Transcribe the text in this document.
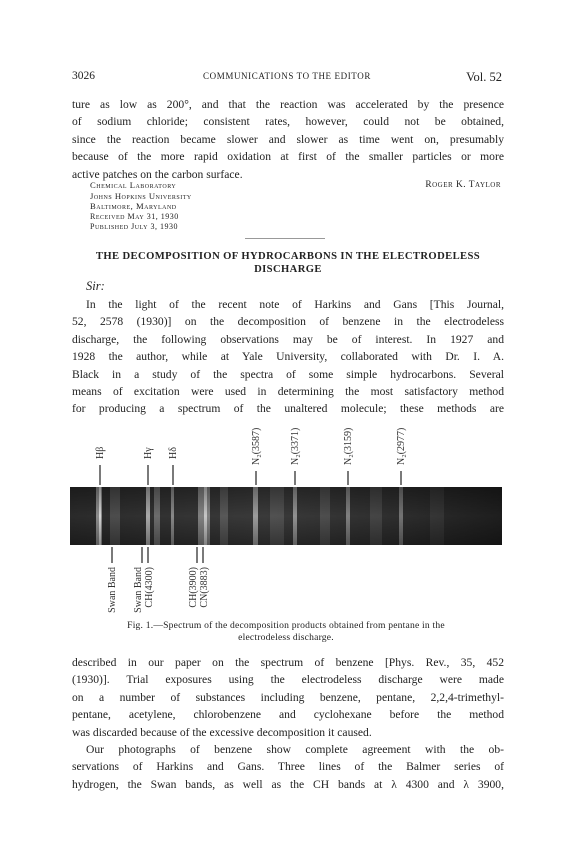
3026	COMMUNICATIONS TO THE EDITOR	Vol. 52
ture as low as 200°, and that the reaction was accelerated by the presence
of sodium chloride; consistent rates, however, could not be obtained,
since the reaction became slower and slower as time went on, presumably
because of the more rapid oxidation at first of the smaller particles or more
active patches on the carbon surface.
Chemical Laboratory
Johns Hopkins University
Baltimore, Maryland
Received May 31, 1930
Published July 3, 1930
Roger K. Taylor
THE DECOMPOSITION OF HYDROCARBONS IN THE ELECTRODELESS
DISCHARGE
Sir:
In the light of the recent note of Harkins and Gans [This Journal,
52, 2578 (1930)] on the decomposition of benzene in the electrodeless
discharge, the following observations may be of interest. In 1927 and
1928 the author, while at Yale University, collaborated with Dr. I. A.
Black in a study of the spectra of some simple hydrocarbons. Several
means of excitation were used in determining the most satisfactory method
for producing a spectrum of the unaltered molecule; these methods are
Hβ	Hγ Hδ	N₂(3587)	N₂(3371)	N₂(3159)	N₂(2977)
Swan Band Swan Band CH(4300)	CH(3900) CN(3883)
Fig. 1.—Spectrum of the decomposition products obtained from pentane in the
electrodeless discharge.
described in our paper on the spectrum of benzene [Phys. Rev., 35, 452
(1930)]. Trial exposures using the electrodeless discharge were made
on a number of substances including benzene, pentane, 2,2,4-trimethyl-
pentane, acetylene, chlorobenzene and cyclohexane before the method
was discarded because of the excessive decomposition it caused.
Our photographs of benzene show complete agreement with the ob-
servations of Harkins and Gans. Three lines of the Balmer series of
hydrogen, the Swan bands, as well as the CH bands at λ 4300 and λ 3900,
